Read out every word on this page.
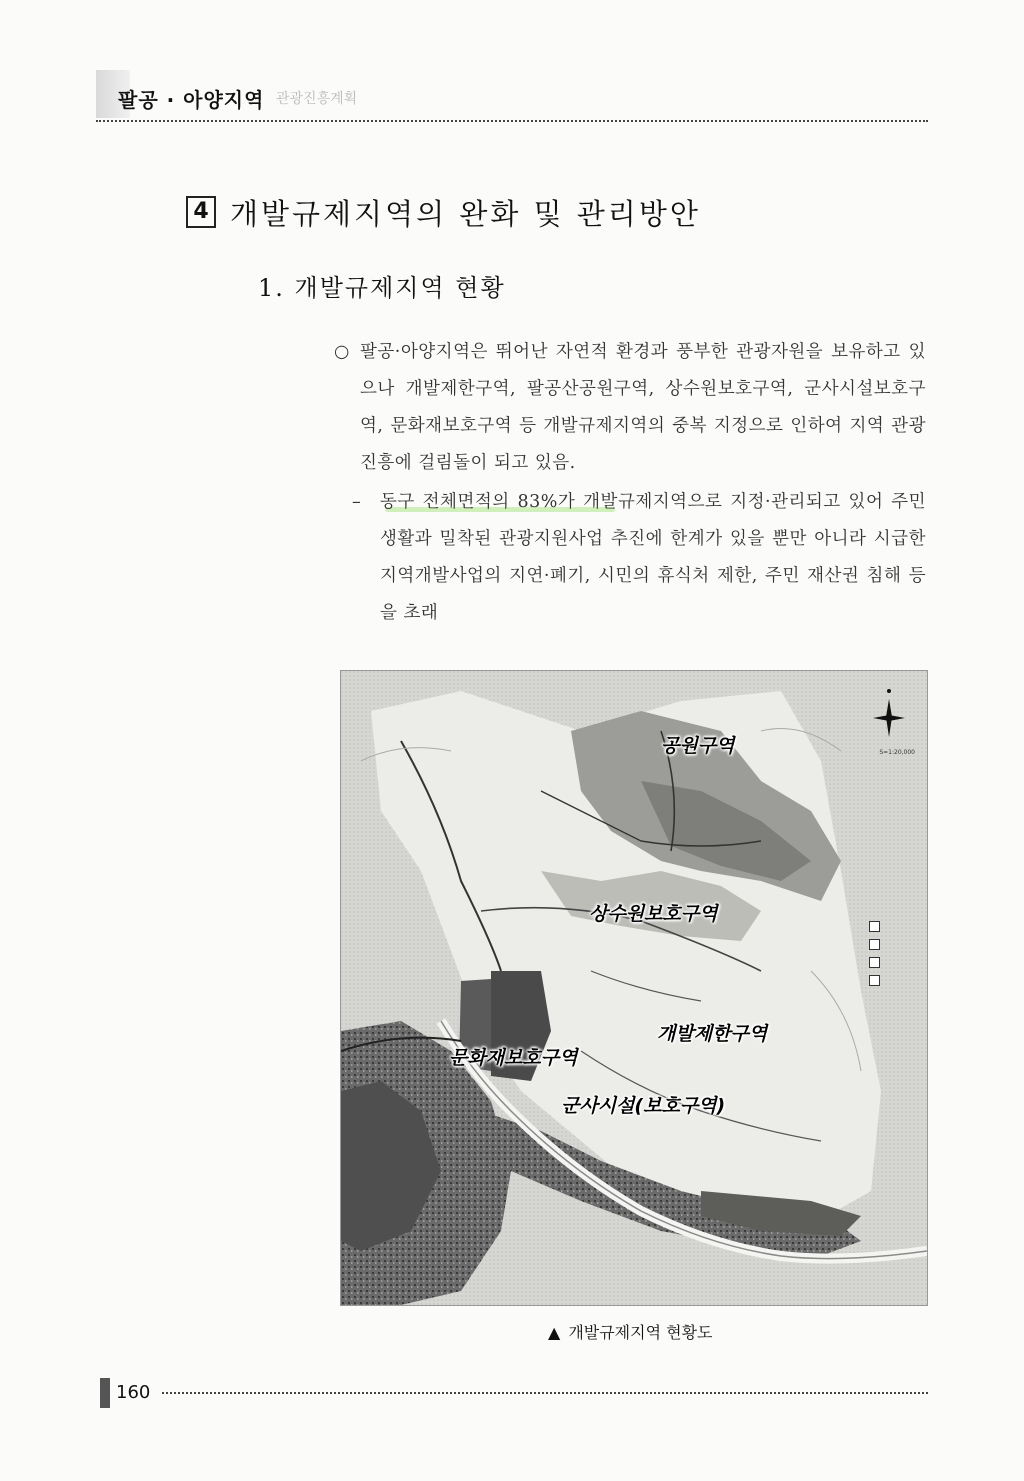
팔공 · 아양지역 관광진흥계획
4 개발규제지역의 완화 및 관리방안
1. 개발규제지역 현황
○ 팔공·아양지역은 뛰어난 자연적 환경과 풍부한 관광자원을 보유하고 있으나 개발제한구역, 팔공산공원구역, 상수원보호구역, 군사시설보호구역, 문화재보호구역 등 개발규제지역의 중복 지정으로 인하여 지역 관광진흥에 걸림돌이 되고 있음.
– 동구 전체면적의 83%가 개발규제지역으로 지정·관리되고 있어 주민생활과 밀착된 관광지원사업 추진에 한계가 있을 뿐만 아니라 시급한 지역개발사업의 지연·폐기, 시민의 휴식처 제한, 주민 재산권 침해 등을 초래
S=1:20,000
공원구역
상수원보호구역
개발제한구역
문화재보호구역
군사시설(보호구역)
▲ 개발규제지역 현황도
160
